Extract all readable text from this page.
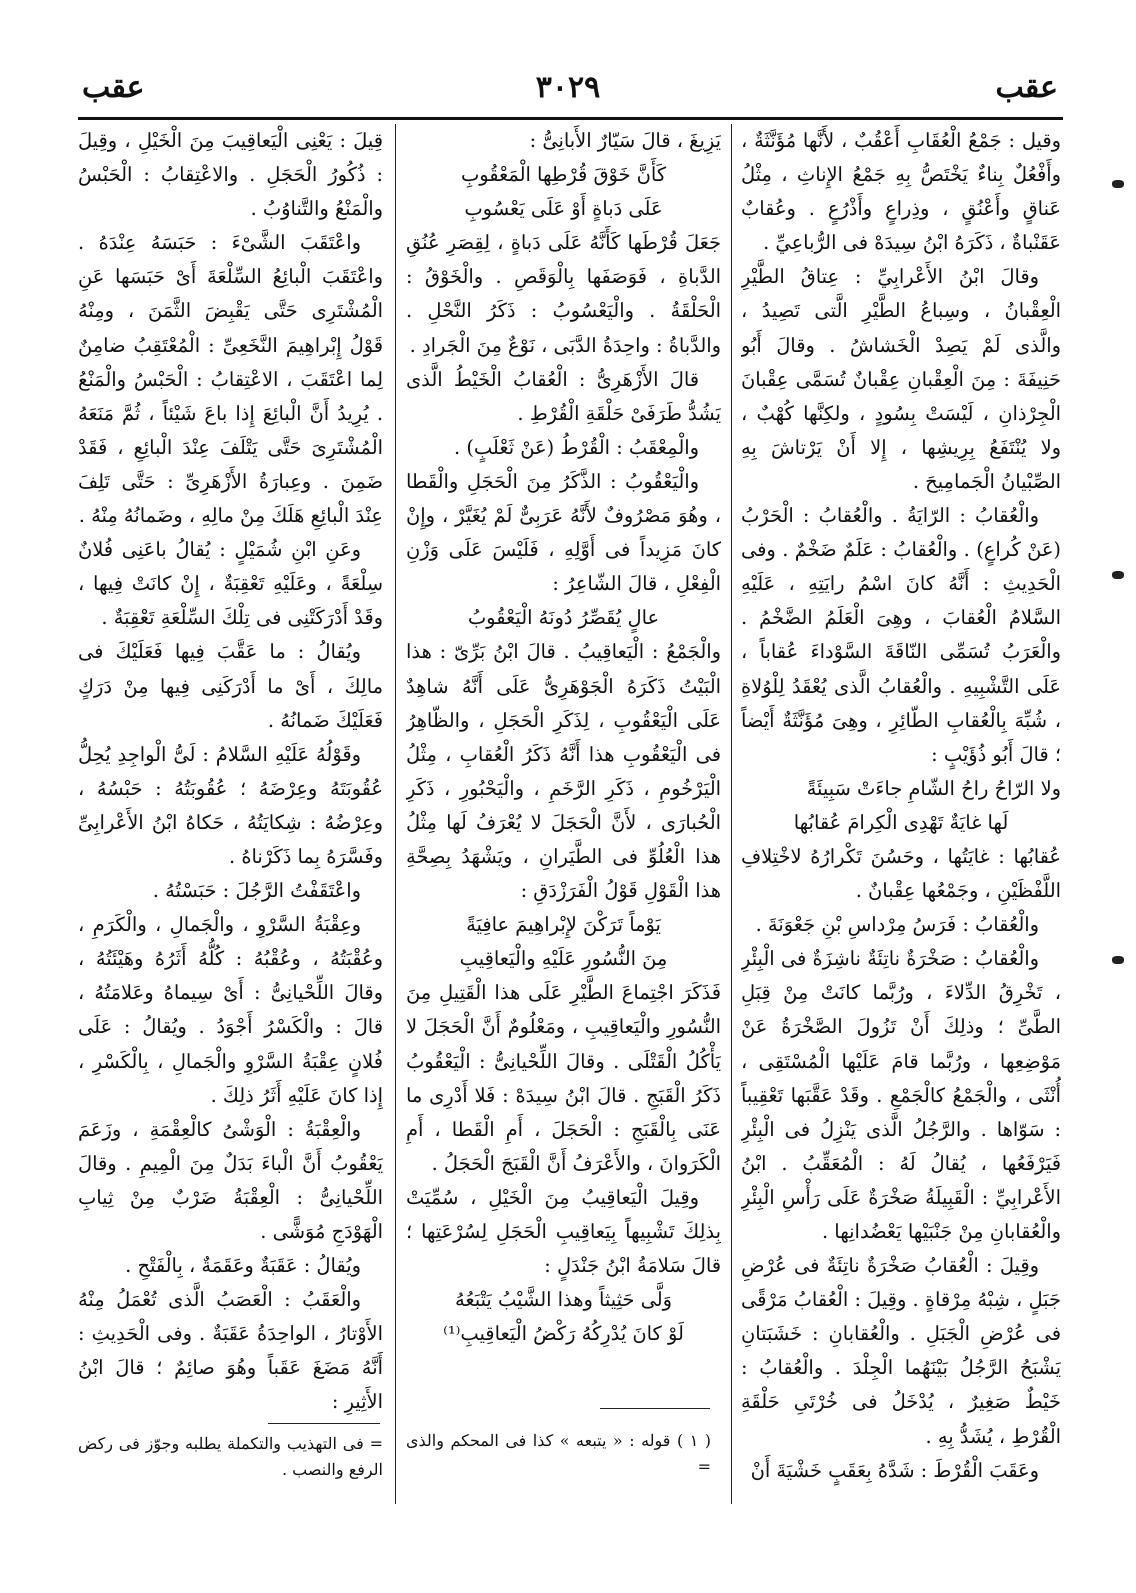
عقب
٣٠٢٩
عقب

وقيل : جَمْعُ الْعُقَابِ أَعْقُبٌ ، لأَنَّها مُؤَنَّثَةٌ ، وأَفْعُلٌ بِناءٌ يَخْتَصُّ بِهِ جَمْعُ الإِناثِ ، مِثْلُ عَناقٍ وأَعْنُقٍ ، وذِراعٍ وأَذْرُعٍ . وعُقابٌ عَقَنْباةٌ ، ذَكَرَهُ ابْنُ سِيدَهْ فى الرُّباعِيِّ .

وقالَ ابْنُ الأَعْرابِيِّ : عِتاقُ الطَّيْرِ الْعِقْبانُ ، وسِباعُ الطَّيْرِ الَّتى تَصِيدُ ، والَّذى لَمْ يَصِدْ الْخَشاشُ . وقالَ أَبُو حَنِيفَةَ : مِنَ الْعِقْبانِ عِقْبانٌ تُسَمَّى عِقْبانَ الْجِرْذانِ ، لَيْسَتْ بِسُودٍ ، ولكِنَّها كُهْبٌ ، ولا يُنْتَفَعُ بِرِيشِها ، إِلا أَنْ يَرْتاشَ بِهِ الصِّبْيانُ الْجَمامِيحَ .

والْعُقابُ : الرّايَةُ . والْعُقابُ : الْحَرْبُ (عَنْ كُراعٍ) . والْعُقابُ : عَلَمٌ ضَخْمٌ . وفى الْحَدِيثِ : أَنَّهُ كانَ اسْمُ رايَتِهِ ، عَلَيْهِ السَّلامُ الْعُقابَ ، وهِىَ الْعَلَمُ الضَّخْمُ . والْعَرَبُ تُسَمِّى النّاقَةَ السَّوْداءَ عُقاباً ، عَلَى التَّشْبِيهِ . والْعُقابُ الَّذى يُعْقَدُ لِلْوُلاةِ ، شُبِّهَ بِالْعُقابِ الطّائِرِ ، وهِىَ مُؤَنَّثَةٌ أَيْضاً ؛ قالَ أَبُو ذُؤَيْبٍ :

ولا الرّاحُ راحُ الشّامِ جاءَتْ سَبِيئَةً

لَها غايَةٌ تَهْدِى الْكِرامَ عُقابُها

عُقابُها : غايَتُها ، وحَسُنَ تَكْرارُهُ لاخْتِلافِ اللَّفْظَيْنِ ، وجَمْعُها عِقْبانٌ .

والْعُقابُ : فَرَسُ مِرْداسِ بْنِ جَعْوَنَةَ .

والْعُقابُ : صَخْرَةٌ ناتِئَةٌ ناشِزَةٌ فى الْبِئْرِ ، تَخْرِقُ الدِّلاءَ ، ورُبَّما كانَتْ مِنْ قِبَلِ الطَّىِّ ؛ وذلِكَ أَنْ تَزُولَ الصَّخْرَةُ عَنْ مَوْضِعِها ، ورُبَّما قامَ عَلَيْها الْمُسْتَقِى ، أُنْثَى ، والْجَمْعُ كالْجَمْعِ . وقَدْ عَقَّبَها تَعْقِيباً : سَوّاها . والرَّجُلُ الَّذى يَنْزِلُ فى الْبِئْرِ فَيَرْفَعُها ، يُقالُ لَهُ : الْمُعَقِّبُ . ابْنُ الأَعْرابِيِّ : الْقَبِيلَةُ صَخْرَةٌ عَلَى رَأْسِ الْبِئْرِ والْعُقابانِ مِنْ جَنْبَيْها يَعْضُدانِها .

وقِيلَ : الْعُقابُ صَخْرَةٌ ناتِئَةٌ فى عُرْضِ جَبَلٍ ، شِبْهُ مِرْقاةٍ . وقِيلَ : الْعُقابُ مَرْقًى فى عُرْضِ الْجَبَلِ . والْعُقابانِ : خَشَبَتانِ يَشْبَحُ الرَّجُلُ بَيْنَهُما الْجِلْدَ . والْعُقابُ : خَيْطٌ صَغِيرٌ ، يُدْخَلُ فى خُرْتَىِ حَلْقَةِ الْقُرْطِ ، يُشَدُّ بِهِ .

وعَقَبَ الْقُرْطَ : شَدَّهُ بِعَقَبٍ خَشْيَةَ أَنْ

يَزِيغَ ، قالَ سَيّارٌ الأَبانِىُّ :

كَأَنَّ خَوْقَ قُرْطِها الْمَعْقُوبِ

عَلَى دَباةٍ أَوْ عَلَى يَعْسُوبِ

جَعَلَ قُرْطَها كَأَنَّهُ عَلَى دَباةٍ ، لِقِصَرِ عُنُقِ الدَّباةِ ، فَوَصَفَها بِالْوَقَصِ . والْخَوْقُ : الْحَلْقَةُ . والْيَعْسُوبُ : ذَكَرُ النَّحْلِ . والدَّباةُ : واحِدَةُ الدَّبَى ، نَوْعٌ مِنَ الْجَرادِ .

قالَ الأَزْهَرِىُّ : الْعُقابُ الْخَيْطُ الَّذى يَشُدُّ طَرَفَىْ حَلْقَةِ الْقُرْطِ .

والْمِعْقَبُ : الْقُرْطُ (عَنْ ثَعْلَبٍ) .

والْيَعْقُوبُ : الذَّكَرُ مِنَ الْحَجَلِ والْقَطا ، وهُوَ مَصْرُوفٌ لأَنَّهُ عَرَبِىٌّ لَمْ يُغَيَّرْ ، وإِنْ كانَ مَزِيداً فى أَوَّلِهِ ، فَلَيْسَ عَلَى وَزْنِ الْفِعْلِ ، قالَ الشّاعِرُ :

عالٍ يُقَصِّرُ دُونَهُ الْيَعْقُوبُ

والْجَمْعُ : الْيَعاقِيبُ . قالَ ابْنُ بَرِّىّ : هذا الْبَيْتُ ذَكَرَهُ الْجَوْهَرِىُّ عَلَى أَنَّهُ شاهِدٌ عَلَى الْيَعْقُوبِ ، لِذَكَرِ الْحَجَلِ ، والظّاهِرُ فى الْيَعْقُوبِ هذا أَنَّهُ ذَكَرُ الْعُقابِ ، مِثْلُ الْيَرْخُومِ ، ذَكَرِ الرَّخَمِ ، والْيَحْبُورِ ، ذَكَرِ الْحُبارَى ، لأَنَّ الْحَجَلَ لا يُعْرَفُ لَها مِثْلُ هذا الْعُلُوِّ فى الطَّيَرانِ ، ويَشْهَدُ بِصِحَّةِ هذا الْقَوْلِ قَوْلُ الْفَرَزْدَقِ :

يَوْماً تَرَكْنَ لإِبْراهِيمَ عافِيَةً

مِنَ النُّسُورِ عَلَيْهِ والْيَعاقِيبِ

فَذَكَرَ اجْتِماعَ الطَّيْرِ عَلَى هذا الْقَتِيلِ مِنَ النُّسُورِ والْيَعاقِيبِ ، ومَعْلُومٌ أَنَّ الْحَجَلَ لا يَأْكُلُ الْقَتْلَى . وقالَ اللِّحْيانِىُّ : الْيَعْقُوبُ ذَكَرُ الْقَبَجِ . قالَ ابْنُ سِيدَهْ : فَلا أَدْرِى ما عَنَى بِالْقَبَجِ : الْحَجَلَ ، أَمِ الْقَطا ، أَمِ الْكَرَوانَ ، والأَعْرَفُ أَنَّ الْقَبَجَ الْحَجَلُ .

وقِيلَ الْيَعاقِيبُ مِنَ الْخَيْلِ ، سُمِّيَتْ بِذلِكَ تَشْبِيهاً بِيَعاقِيبِ الْحَجَلِ لِسُرْعَتِها ؛ قالَ سَلامَةُ ابْنُ جَنْدَلٍ :

وَلَّى حَثِيثاً وهذا الشَّيْبُ يَتْبَعُهُ

لَوْ كانَ يُدْرِكُهُ رَكْضُ الْيَعاقِيبِ⁽¹⁾

قِيلَ : يَعْنِى الْيَعاقِيبَ مِنَ الْخَيْلِ ، وقِيلَ : ذُكُورُ الْحَجَلِ . والاعْتِقابُ : الْحَبْسُ والْمَنْعُ والتَّناوُبُ .

واعْتَقَبَ الشَّىْءَ : حَبَسَهُ عِنْدَهُ . واعْتَقَبَ الْبائِعُ السِّلْعَةَ أَىْ حَبَسَها عَنِ الْمُشْتَرِى حَتَّى يَقْبِضَ الثَّمَنَ ، ومِنْهُ قَوْلُ إِبْراهِيمَ النَّخَعِىِّ : الْمُعْتَقِبُ ضامِنٌ لِما اعْتَقَبَ ، الاعْتِقابُ : الْحَبْسُ والْمَنْعُ . يُرِيدُ أَنَّ الْبائِعَ إِذا باعَ شَيْئاً ، ثُمَّ مَنَعَهُ الْمُشْتَرِىَ حَتَّى يَتْلَفَ عِنْدَ الْبائِعِ ، فَقَدْ ضَمِنَ . وعِبارَةُ الأَزْهَرِىِّ : حَتَّى تَلِفَ عِنْدَ الْبائِعِ هَلَكَ مِنْ مالِهِ ، وضَمانُهُ مِنْهُ .

وعَنِ ابْنِ شُمَيْلٍ : يُقالُ باعَنِى فُلانٌ سِلْعَةً ، وعَلَيْهِ تَعْقِبَةٌ ، إِنْ كانَتْ فِيها ، وقَدْ أَدْرَكَتْنِى فى تِلْكَ السِّلْعَةِ تَعْقِبَةٌ .

ويُقالُ : ما عَقَّبَ فِيها فَعَلَيْكَ فى مالِكَ ، أَىْ ما أَدْرَكَنِى فِيها مِنْ دَرَكٍ فَعَلَيْكَ ضَمانُهُ .

وقَوْلُهُ عَلَيْهِ السَّلامُ : لَىُّ الْواجِدِ يُحِلُّ عُقُوبَتَهُ وعِرْضَهُ ؛ عُقُوبَتُهُ : حَبْسُهُ ، وعِرْضُهُ : شِكايَتُهُ ، حَكاهُ ابْنُ الأَعْرابِىِّ وفَسَّرَهُ بِما ذَكَرْناهُ .

واعْتَقَفْتُ الرَّجُلَ : حَبَسْتُهُ .

وعِقْبَةُ السَّرْوِ ، والْجَمالِ ، والْكَرَمِ ، وعُقْبَتُهُ ، وعُقْبُهُ : كُلُّهُ أَثَرُهُ وهَيْئَتُهُ ، وقالَ اللِّحْيانِىُّ : أَىْ سِيماهُ وعَلامَتُهُ ، قالَ : والْكَسْرُ أَجْوَدُ . ويُقالُ : عَلَى فُلانٍ عِقْبَةُ السَّرْوِ والْجَمالِ ، بِالْكَسْرِ ، إِذا كانَ عَلَيْهِ أَثَرُ ذلِكَ .

والْعِقْبَةُ : الْوَشْىُ كالْعِقْمَةِ ، وزَعَمَ يَعْقُوبُ أَنَّ الْباءَ بَدَلٌ مِنَ الْمِيمِ . وقالَ اللِّحْيانِىُّ : الْعِقْبَةُ ضَرْبٌ مِنْ ثِيابِ الْهَوْدَجِ مُوَشًّى .

ويُقالُ : عَقَبَةٌ وعَقَمَةٌ ، بِالْفَتْحِ .

والْعَقَبُ : الْعَصَبُ الَّذى تُعْمَلُ مِنْهُ الأَوْتارُ ، الواحِدَةُ عَقَبَةٌ . وفى الْحَدِيثِ : أَنَّهُ مَضَغَ عَقَباً وهُوَ صائِمٌ ؛ قالَ ابْنُ الأَثِيرِ :

( ١ ) قوله : « يتبعه » كذا فى المحكم والذى =
= فى التهذيب والتكملة يطلبه وجوّز فى ركض الرفع والنصب .
